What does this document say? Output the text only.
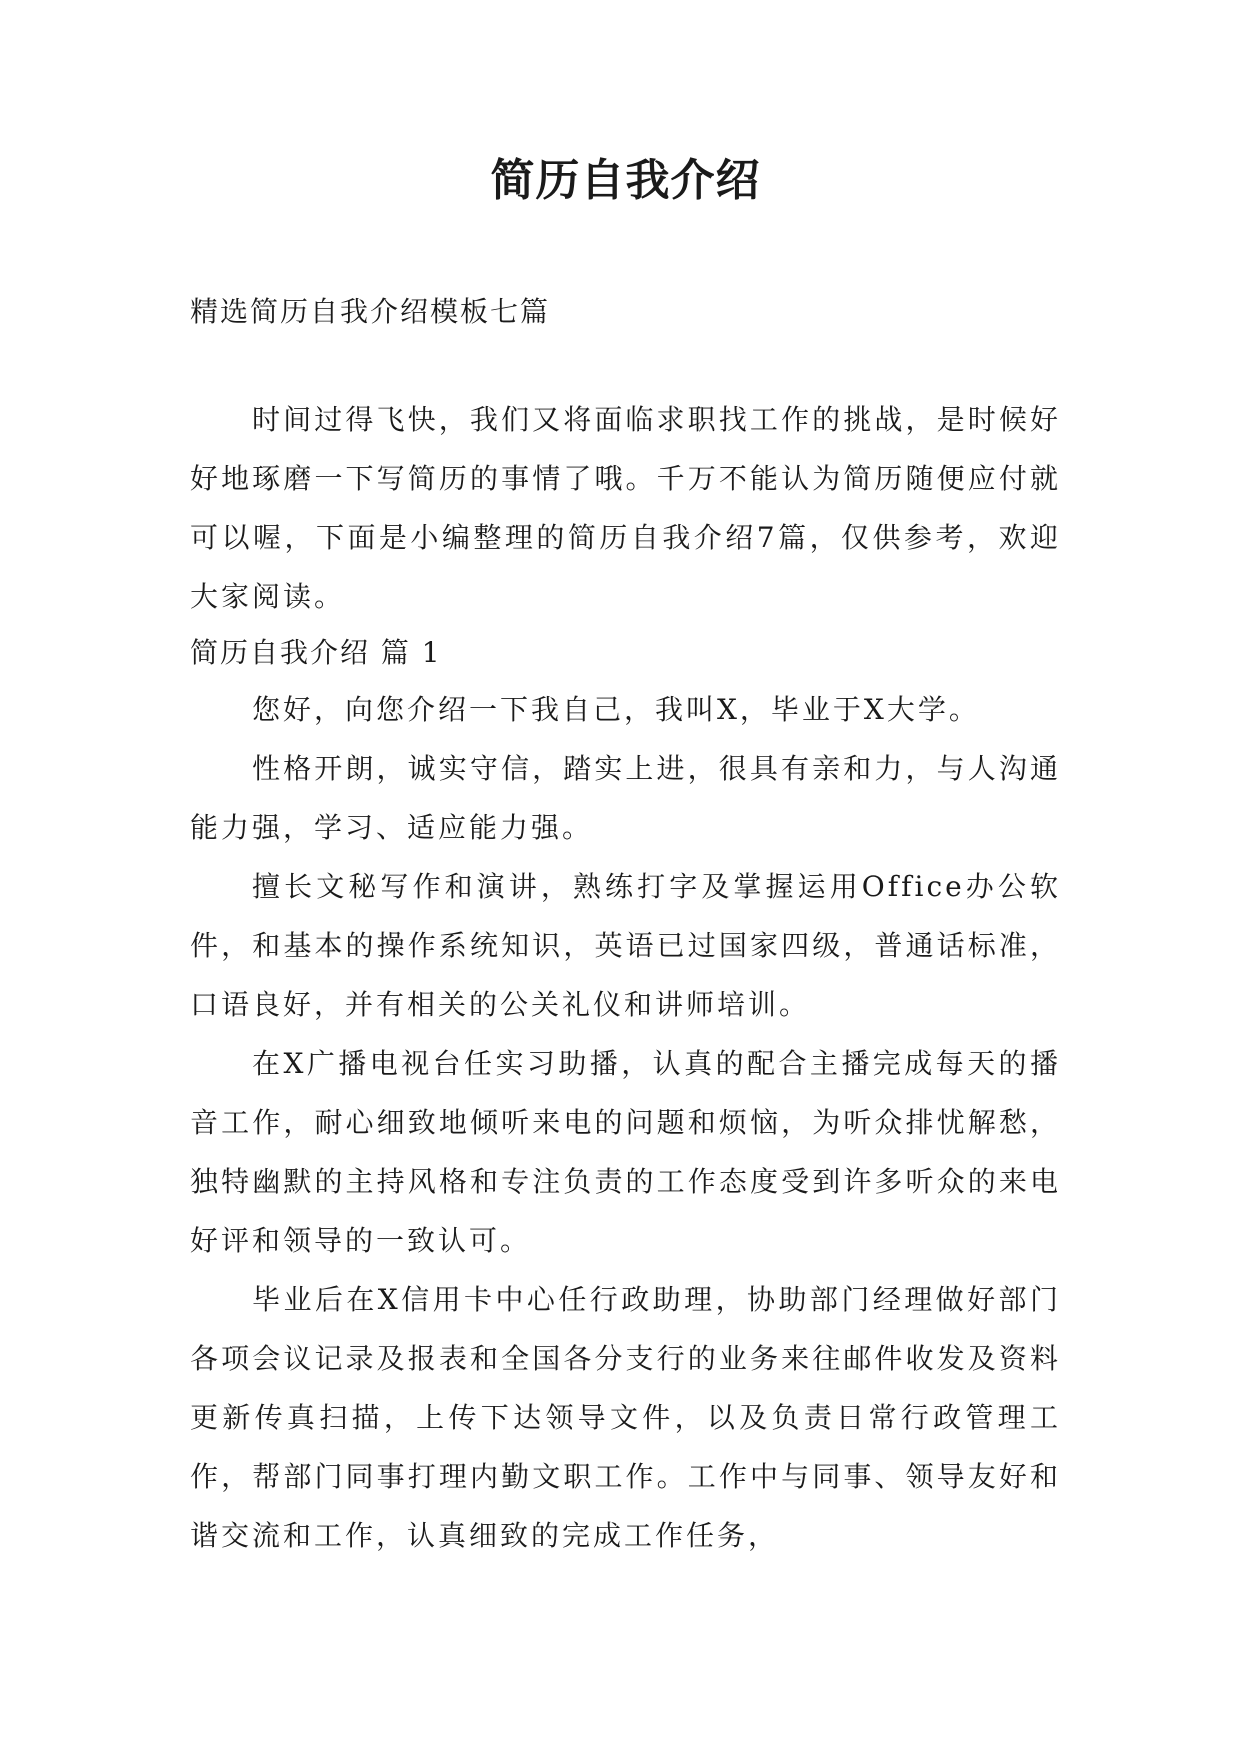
简历自我介绍

精选简历自我介绍模板七篇

时间过得飞快，我们又将面临求职找工作的挑战，是时候好好地琢磨一下写简历的事情了哦。千万不能认为简历随便应付就可以喔，下面是小编整理的简历自我介绍7篇，仅供参考，欢迎大家阅读。

简历自我介绍 篇 1

您好，向您介绍一下我自己，我叫X，毕业于X大学。

性格开朗，诚实守信，踏实上进，很具有亲和力，与人沟通能力强，学习、适应能力强。

擅长文秘写作和演讲，熟练打字及掌握运用Office办公软件，和基本的操作系统知识，英语已过国家四级，普通话标准，口语良好，并有相关的公关礼仪和讲师培训。

在X广播电视台任实习助播，认真的配合主播完成每天的播音工作，耐心细致地倾听来电的问题和烦恼，为听众排忧解愁，独特幽默的主持风格和专注负责的工作态度受到许多听众的来电好评和领导的一致认可。

毕业后在X信用卡中心任行政助理，协助部门经理做好部门各项会议记录及报表和全国各分支行的业务来往邮件收发及资料更新传真扫描，上传下达领导文件，以及负责日常行政管理工作，帮部门同事打理内勤文职工作。工作中与同事、领导友好和谐交流和工作，认真细致的完成工作任务，
